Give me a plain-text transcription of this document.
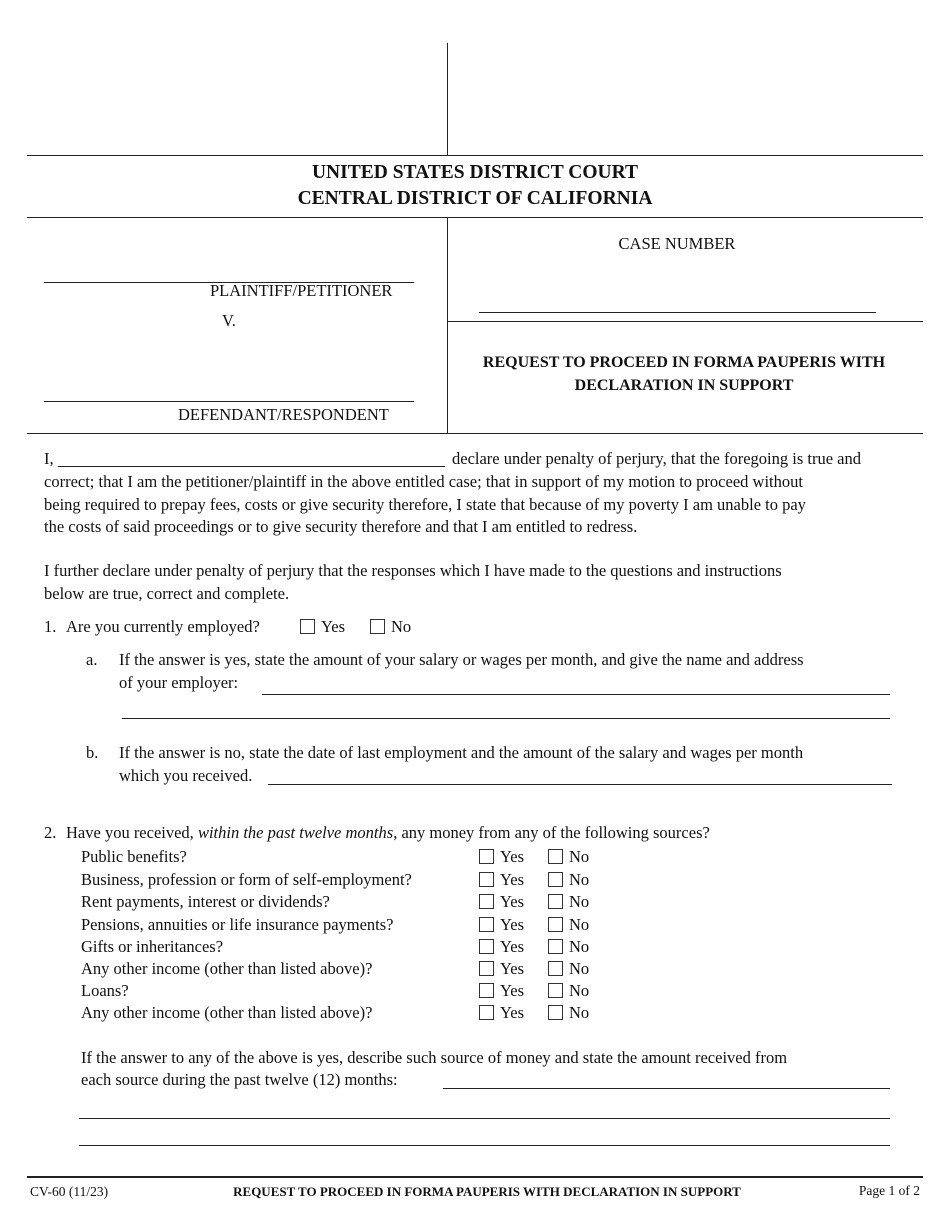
UNITED STATES DISTRICT COURT
CENTRAL DISTRICT OF CALIFORNIA
PLAINTIFF/PETITIONER
V.
DEFENDANT/RESPONDENT
CASE NUMBER
REQUEST TO PROCEED IN FORMA PAUPERIS WITH
DECLARATION IN SUPPORT
I,	declare under penalty of perjury, that the foregoing is true and
correct; that I am the petitioner/plaintiff in the above entitled case; that in support of my motion to proceed without
being required to prepay fees, costs or give security therefore, I state that because of my poverty I am unable to pay
the costs of said proceedings or to give security therefore and that I am entitled to redress.
I further declare under penalty of perjury that the responses which I have made to the questions and instructions
below are true, correct and complete.
1. Are you currently employed?	Yes	No
a. If the answer is yes, state the amount of your salary or wages per month, and give the name and address
of your employer:
b. If the answer is no, state the date of last employment and the amount of the salary and wages per month
which you received.
2. Have you received, within the past twelve months, any money from any of the following sources?
Public benefits?	Yes	No
Business, profession or form of self-employment?	Yes	No
Rent payments, interest or dividends?	Yes	No
Pensions, annuities or life insurance payments?	Yes	No
Gifts or inheritances?	Yes	No
Any other income (other than listed above)?	Yes	No
Loans?	Yes	No
Any other income (other than listed above)?	Yes	No
If the answer to any of the above is yes, describe such source of money and state the amount received from
each source during the past twelve (12) months:
CV-60 (11/23)	REQUEST TO PROCEED IN FORMA PAUPERIS WITH DECLARATION IN SUPPORT	Page 1 of 2
